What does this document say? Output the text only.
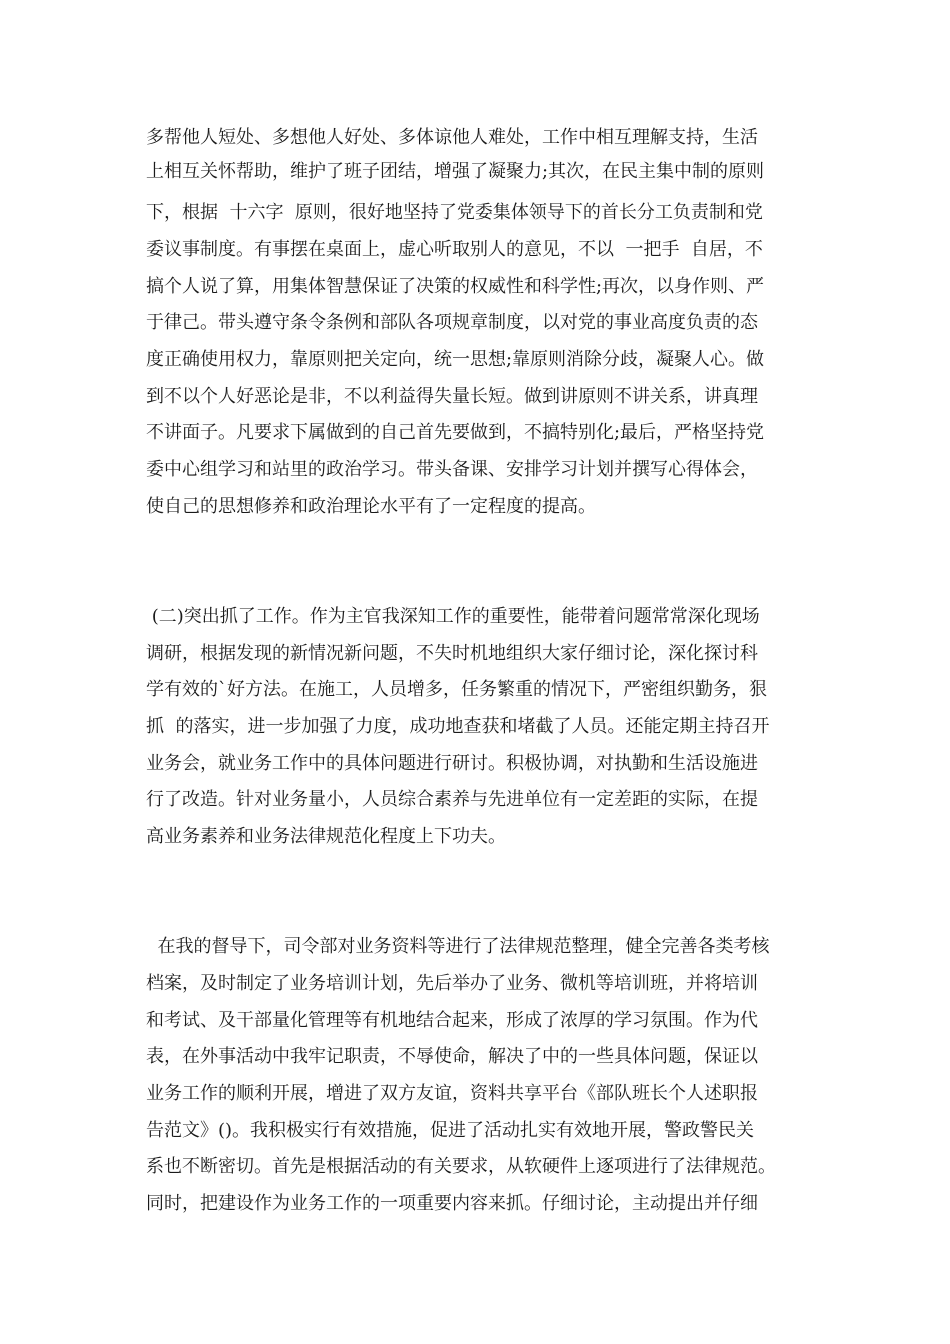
多帮他人短处、多想他人好处、多体谅他人难处，工作中相互理解支持，生活

上相互关怀帮助，维护了班子团结，增强了凝聚力;其次，在民主集中制的原则

下，根据  十六字  原则，很好地坚持了党委集体领导下的首长分工负责制和党

委议事制度。有事摆在桌面上，虚心听取别人的意见，不以  一把手  自居，不

搞个人说了算，用集体智慧保证了决策的权威性和科学性;再次，以身作则、严

于律己。带头遵守条令条例和部队各项规章制度，以对党的事业高度负责的态

度正确使用权力，靠原则把关定向，统一思想;靠原则消除分歧，凝聚人心。做

到不以个人好恶论是非，不以利益得失量长短。做到讲原则不讲关系，讲真理

不讲面子。凡要求下属做到的自己首先要做到，不搞特别化;最后，严格坚持党

委中心组学习和站里的政治学习。带头备课、安排学习计划并撰写心得体会，

使自己的思想修养和政治理论水平有了一定程度的提高。

(二)突出抓了工作。作为主官我深知工作的重要性，能带着问题常常深化现场

调研，根据发现的新情况新问题，不失时机地组织大家仔细讨论，深化探讨科

学有效的`好方法。在施工，人员增多，任务繁重的情况下，严密组织勤务，狠

抓  的落实，进一步加强了力度，成功地查获和堵截了人员。还能定期主持召开

业务会，就业务工作中的具体问题进行研讨。积极协调，对执勤和生活设施进

行了改造。针对业务量小，人员综合素养与先进单位有一定差距的实际，在提

高业务素养和业务法律规范化程度上下功夫。

在我的督导下，司令部对业务资料等进行了法律规范整理，健全完善各类考核

档案，及时制定了业务培训计划，先后举办了业务、微机等培训班，并将培训

和考试、及干部量化管理等有机地结合起来，形成了浓厚的学习氛围。作为代

表，在外事活动中我牢记职责，不辱使命，解决了中的一些具体问题，保证以

业务工作的顺利开展，增进了双方友谊，资料共享平台《部队班长个人述职报

告范文》()。我积极实行有效措施，促进了活动扎实有效地开展，警政警民关

系也不断密切。首先是根据活动的有关要求，从软硬件上逐项进行了法律规范。

同时，把建设作为业务工作的一项重要内容来抓。仔细讨论，主动提出并仔细
